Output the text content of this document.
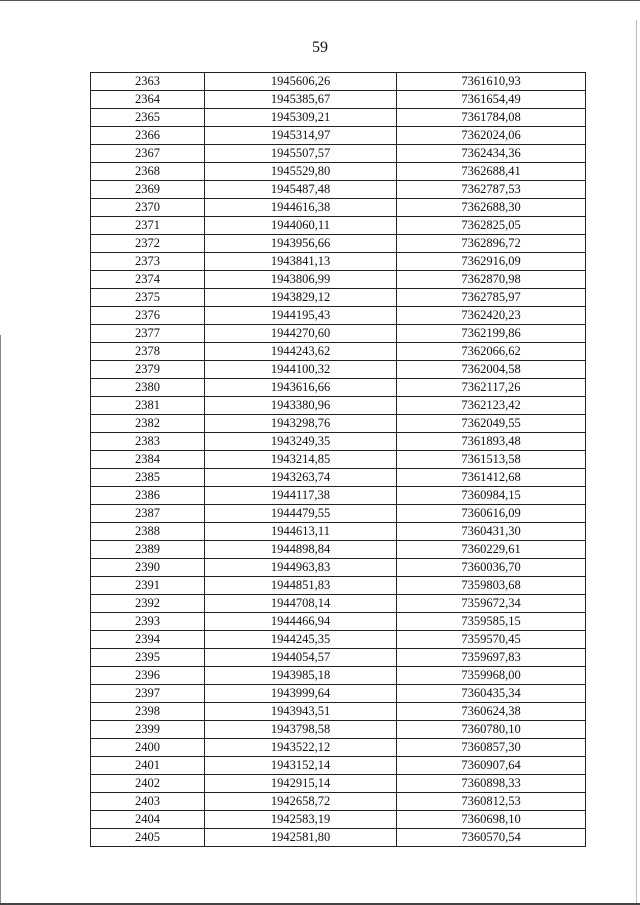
59
2363	1945606,26	7361610,93
2364	1945385,67	7361654,49
2365	1945309,21	7361784,08
2366	1945314,97	7362024,06
2367	1945507,57	7362434,36
2368	1945529,80	7362688,41
2369	1945487,48	7362787,53
2370	1944616,38	7362688,30
2371	1944060,11	7362825,05
2372	1943956,66	7362896,72
2373	1943841,13	7362916,09
2374	1943806,99	7362870,98
2375	1943829,12	7362785,97
2376	1944195,43	7362420,23
2377	1944270,60	7362199,86
2378	1944243,62	7362066,62
2379	1944100,32	7362004,58
2380	1943616,66	7362117,26
2381	1943380,96	7362123,42
2382	1943298,76	7362049,55
2383	1943249,35	7361893,48
2384	1943214,85	7361513,58
2385	1943263,74	7361412,68
2386	1944117,38	7360984,15
2387	1944479,55	7360616,09
2388	1944613,11	7360431,30
2389	1944898,84	7360229,61
2390	1944963,83	7360036,70
2391	1944851,83	7359803,68
2392	1944708,14	7359672,34
2393	1944466,94	7359585,15
2394	1944245,35	7359570,45
2395	1944054,57	7359697,83
2396	1943985,18	7359968,00
2397	1943999,64	7360435,34
2398	1943943,51	7360624,38
2399	1943798,58	7360780,10
2400	1943522,12	7360857,30
2401	1943152,14	7360907,64
2402	1942915,14	7360898,33
2403	1942658,72	7360812,53
2404	1942583,19	7360698,10
2405	1942581,80	7360570,54
